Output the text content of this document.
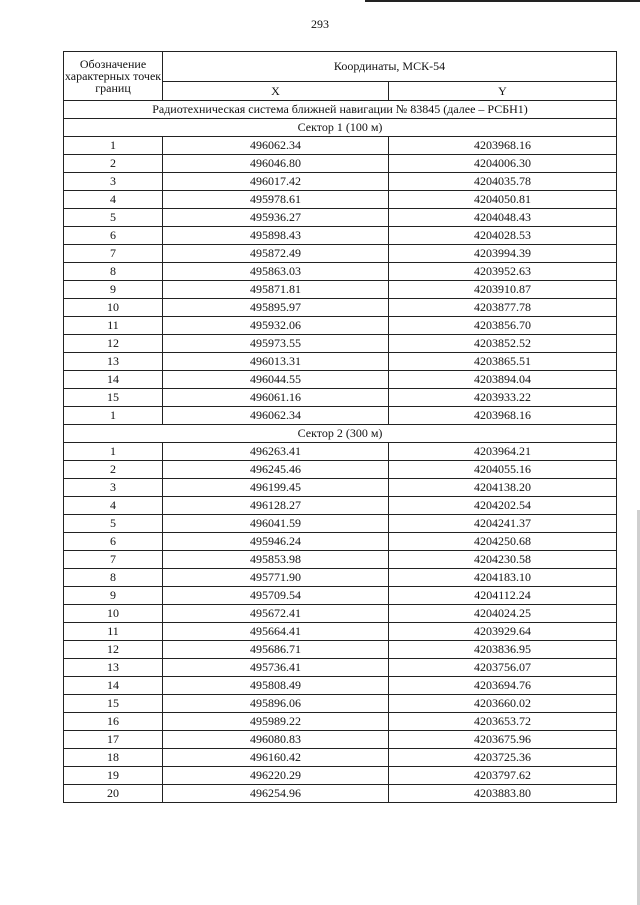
293
Обозначение характерных точек границ	Координаты, МСК-54	
	X	Y
Радиотехническая система ближней навигации № 83845 (далее – РСБН1)		
Сектор 1 (100 м)		
1	496062.34	4203968.16
2	496046.80	4204006.30
3	496017.42	4204035.78
4	495978.61	4204050.81
5	495936.27	4204048.43
6	495898.43	4204028.53
7	495872.49	4203994.39
8	495863.03	4203952.63
9	495871.81	4203910.87
10	495895.97	4203877.78
11	495932.06	4203856.70
12	495973.55	4203852.52
13	496013.31	4203865.51
14	496044.55	4203894.04
15	496061.16	4203933.22
1	496062.34	4203968.16
Сектор 2 (300 м)		
1	496263.41	4203964.21
2	496245.46	4204055.16
3	496199.45	4204138.20
4	496128.27	4204202.54
5	496041.59	4204241.37
6	495946.24	4204250.68
7	495853.98	4204230.58
8	495771.90	4204183.10
9	495709.54	4204112.24
10	495672.41	4204024.25
11	495664.41	4203929.64
12	495686.71	4203836.95
13	495736.41	4203756.07
14	495808.49	4203694.76
15	495896.06	4203660.02
16	495989.22	4203653.72
17	496080.83	4203675.96
18	496160.42	4203725.36
19	496220.29	4203797.62
20	496254.96	4203883.80
